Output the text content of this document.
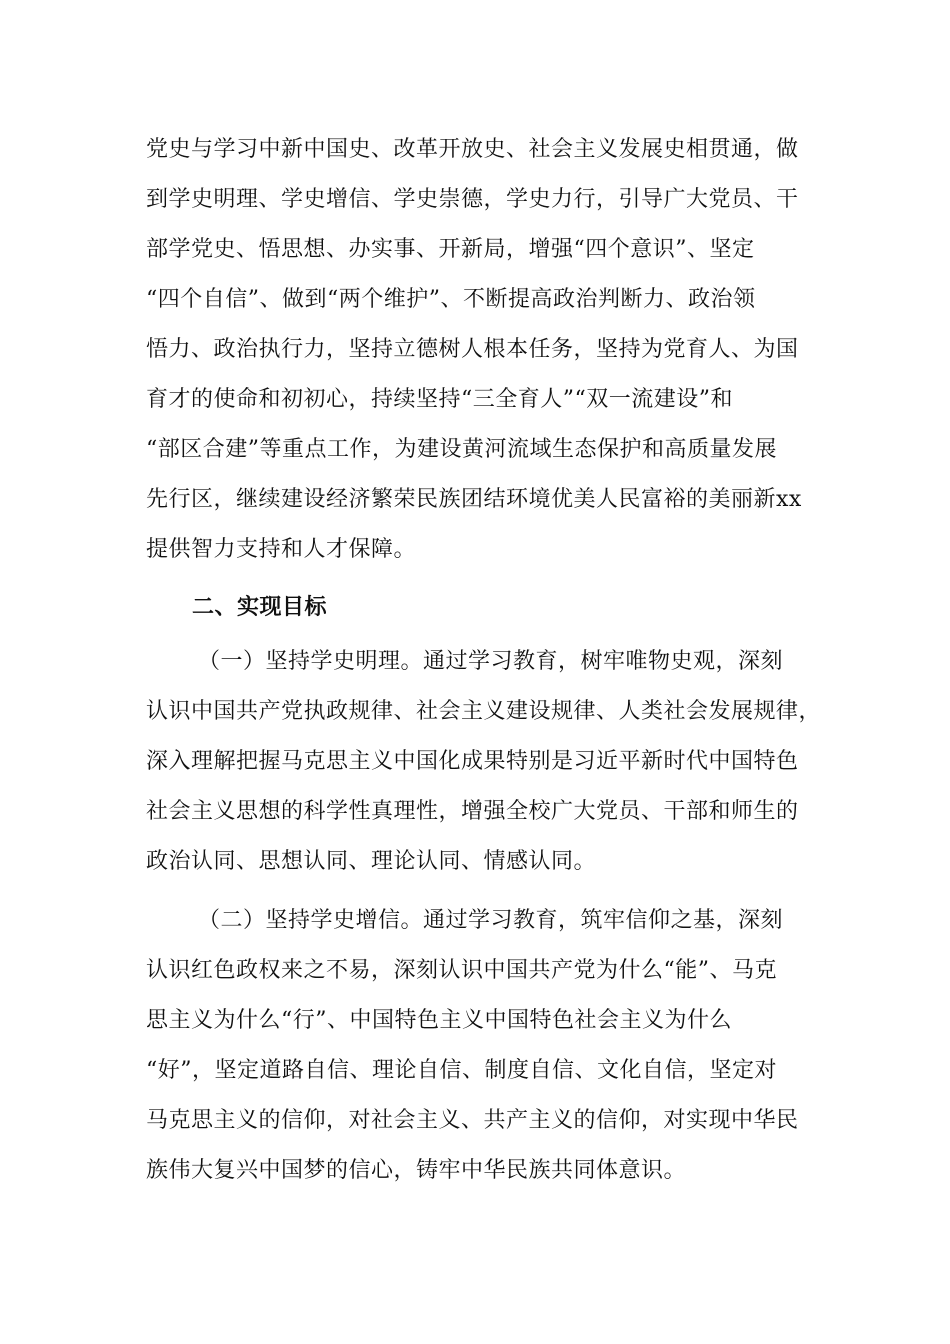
党史与学习中新中国史、改革开放史、社会主义发展史相贯通，做
到学史明理、学史增信、学史崇德，学史力行，引导广大党员、干
部学党史、悟思想、办实事、开新局，增强“四个意识”、坚定
“四个自信”、做到“两个维护”、不断提高政治判断力、政治领
悟力、政治执行力，坚持立德树人根本任务，坚持为党育人、为国
育才的使命和初初心，持续坚持“三全育人”“双一流建设”和
“部区合建”等重点工作，为建设黄河流域生态保护和高质量发展
先行区，继续建设经济繁荣民族团结环境优美人民富裕的美丽新xx
提供智力支持和人才保障。
二、实现目标
（一）坚持学史明理。通过学习教育，树牢唯物史观，深刻
认识中国共产党执政规律、社会主义建设规律、人类社会发展规律，
深入理解把握马克思主义中国化成果特别是习近平新时代中国特色
社会主义思想的科学性真理性，增强全校广大党员、干部和师生的
政治认同、思想认同、理论认同、情感认同。
（二）坚持学史增信。通过学习教育，筑牢信仰之基，深刻
认识红色政权来之不易，深刻认识中国共产党为什么“能”、马克
思主义为什么“行”、中国特色主义中国特色社会主义为什么
“好”，坚定道路自信、理论自信、制度自信、文化自信，坚定对
马克思主义的信仰，对社会主义、共产主义的信仰，对实现中华民
族伟大复兴中国梦的信心，铸牢中华民族共同体意识。
